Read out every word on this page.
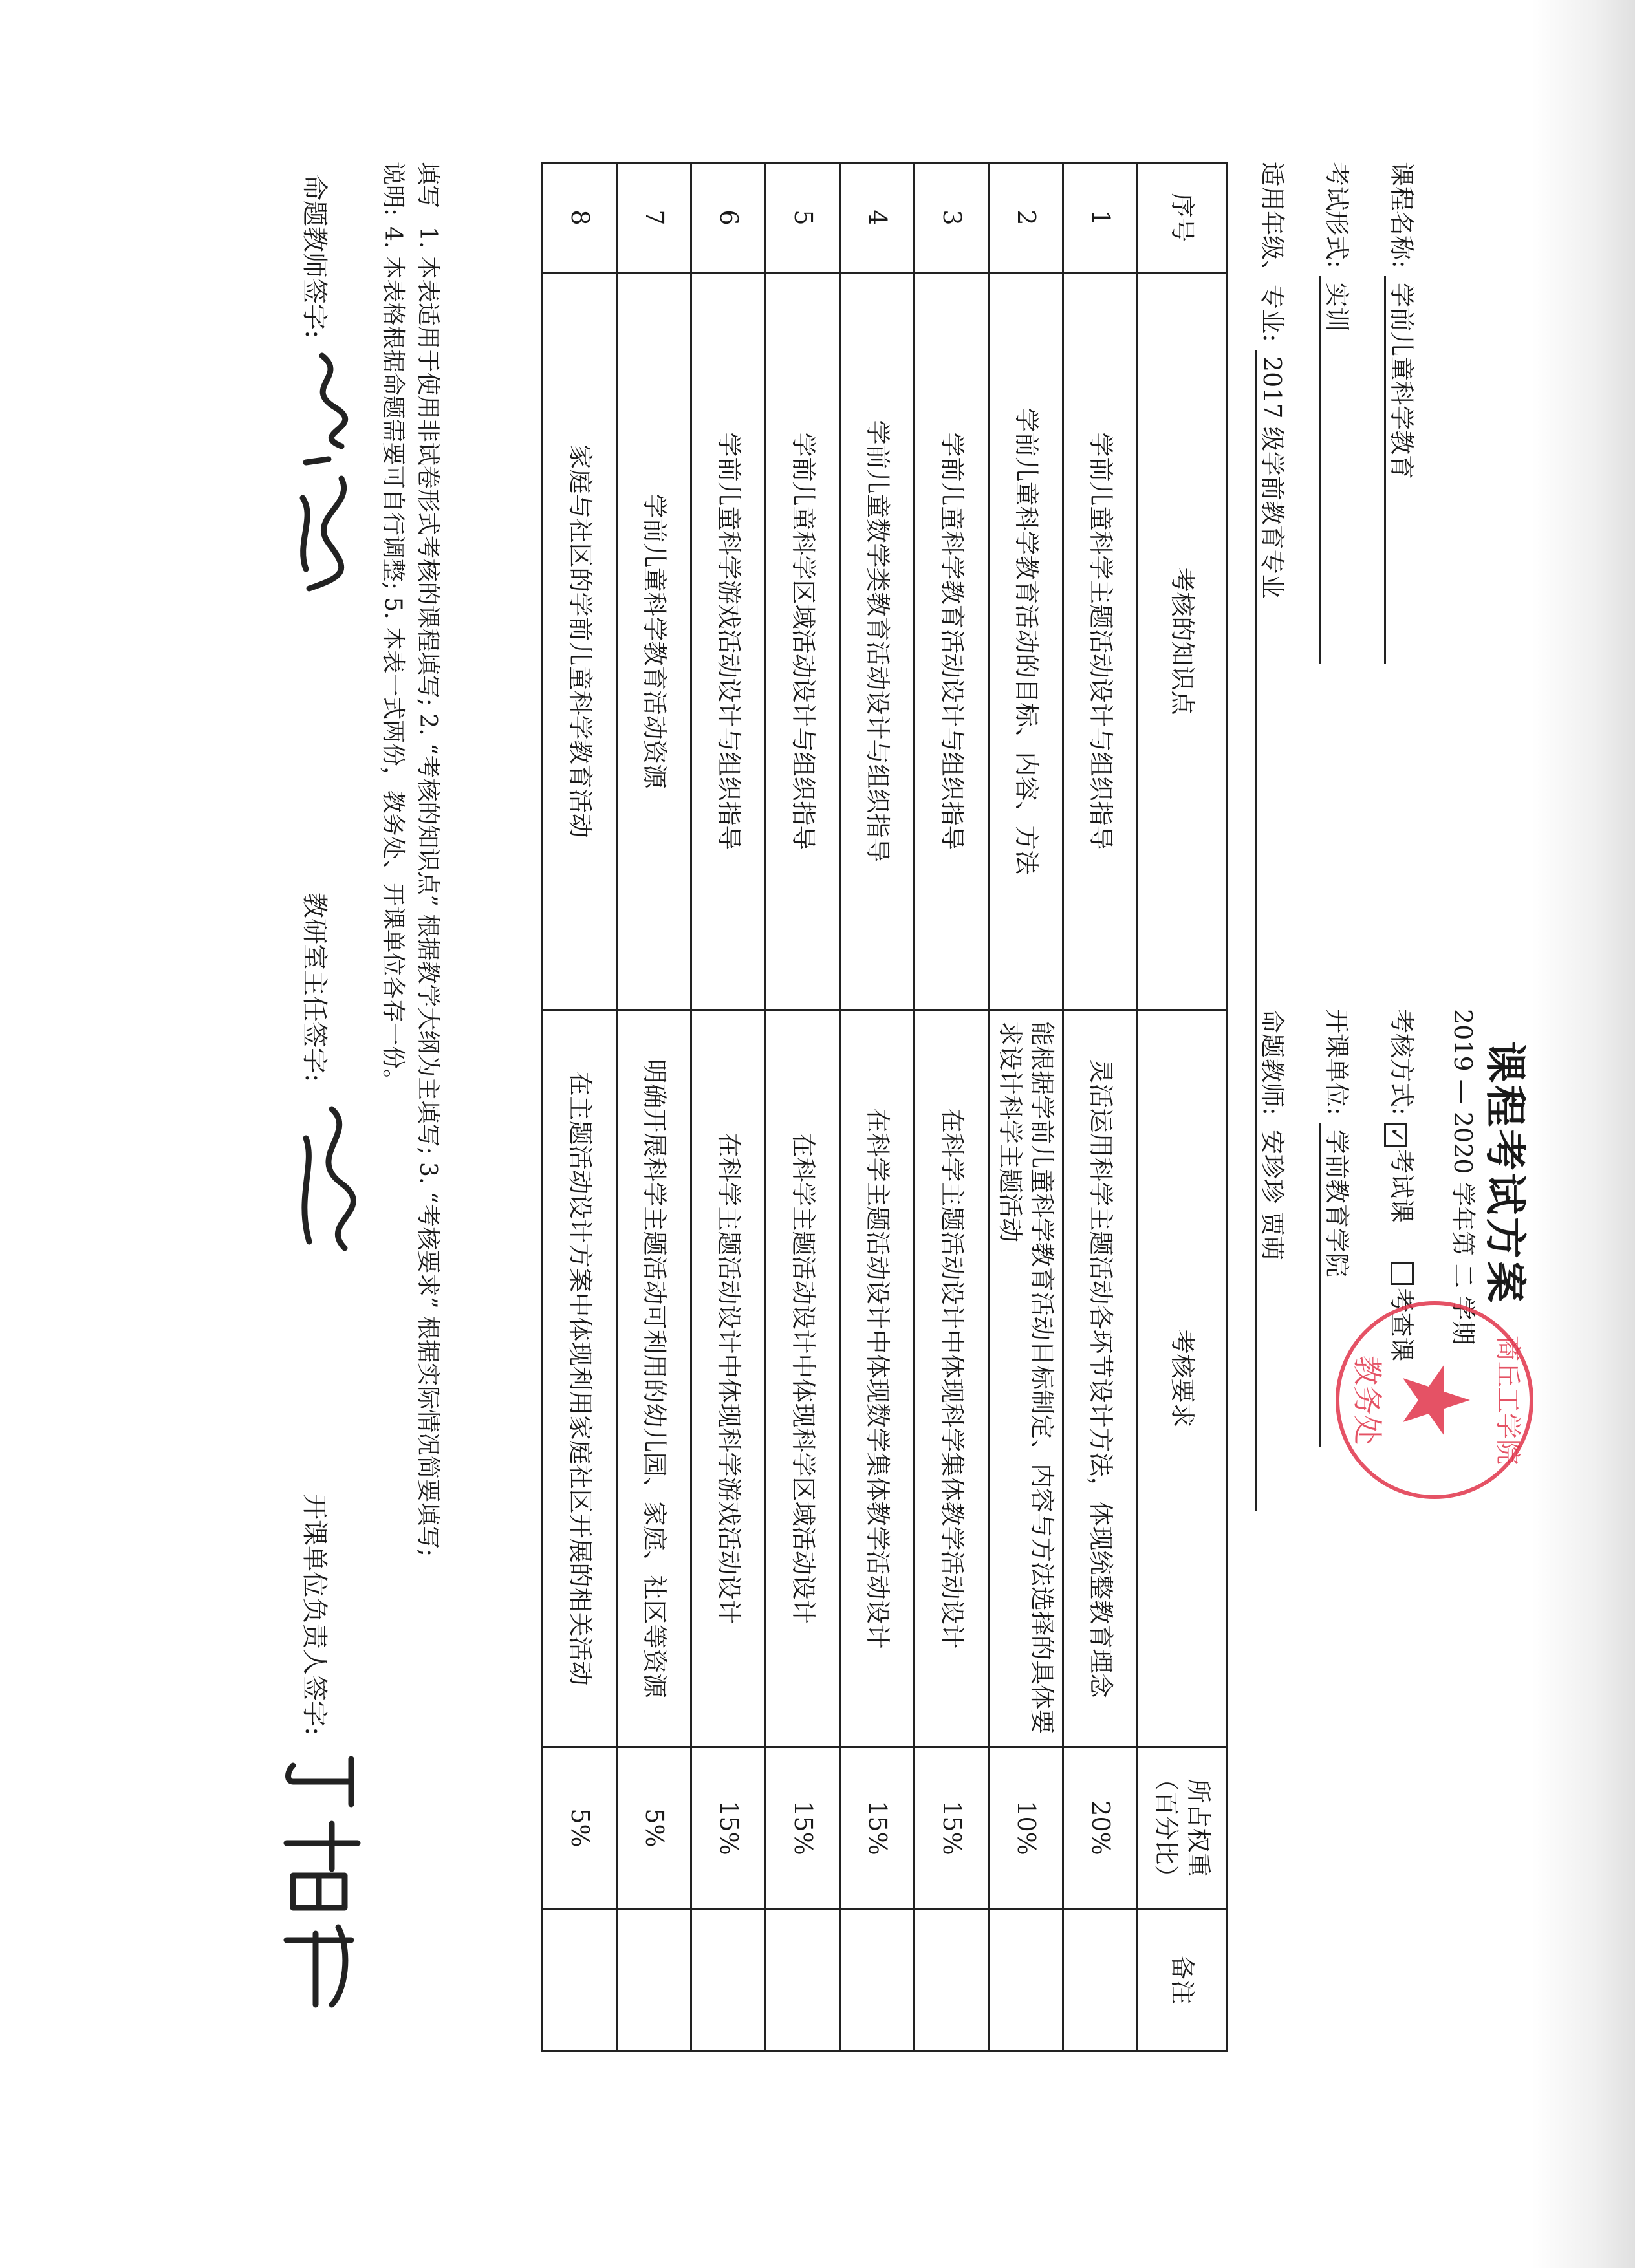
课程考试方案
2019 — 2020 学年第 二 学期
课程名称: 学前儿童科学教育
考核方式: ✓考试课     考查课
考试形式: 实训
开课单位: 学前教育学院
适用年级、专业: 2017 级学前教育专业
命题教师: 安珍珍 贾萌
序号	考核的知识点	考核要求	所占权重（百分比）	备注
1	学前儿童科学主题活动设计与组织指导	灵活运用科学主题活动各环节设计方法，体现统整教育理念	20%	
2	学前儿童科学教育活动的目标、内容、方法	能根据学前儿童科学教育活动目标制定、内容与方法选择的具体要求设计科学主题活动	10%	
3	学前儿童科学教育活动设计与组织指导	在科学主题活动设计中体现科学集体教学活动设计	15%	
4	学前儿童数学类教育活动设计与组织指导	在科学主题活动设计中体现数学集体教学活动设计	15%	
5	学前儿童科学区域活动设计与组织指导	在科学主题活动设计中体现科学区域活动设计	15%	
6	学前儿童科学游戏活动设计与组织指导	在科学主题活动设计中体现科学游戏活动设计	15%	
7	学前儿童科学教育活动资源	明确开展科学主题活动可利用的幼儿园、家庭、社区等资源	5%	
8	家庭与社区的学前儿童科学教育活动	在主题活动设计方案中体现利用家庭社区开展的相关活动	5%	
填写
1. 本表适用于使用非试卷形式考核的课程填写; 2. “考核的知识点” 根据教学大纲为主填写; 3. “考核要求” 根据实际情况简要填写;
说明:
4. 本表格根据命题需要可自行调整; 5. 本表一式两份，教务处、开课单位各存一份。
命题教师签字:
教研室主任签字:
开课单位负责人签字:
商丘工学院
教务处
